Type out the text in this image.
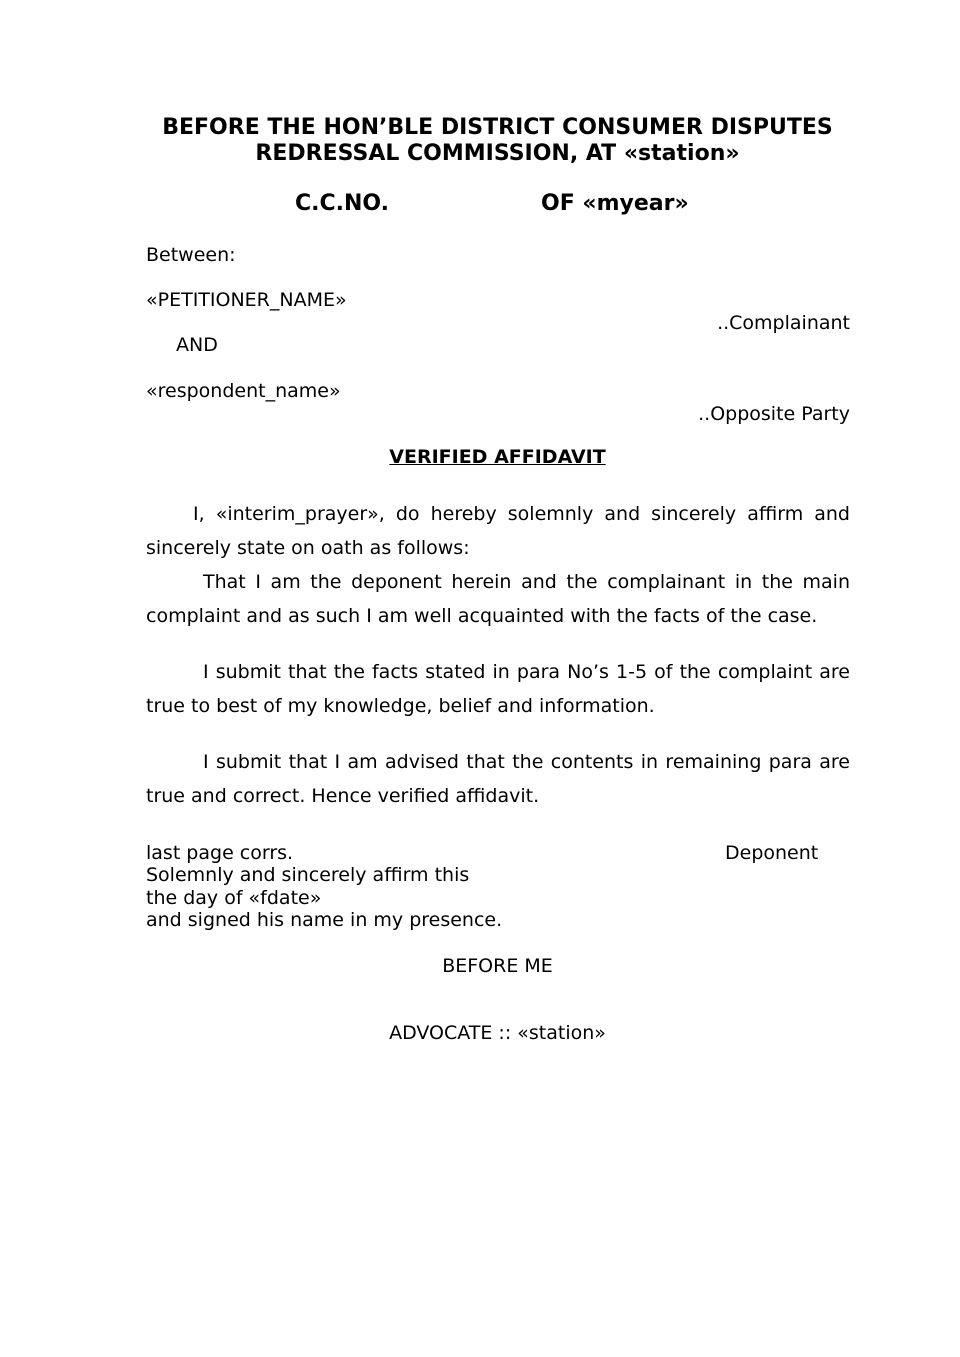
BEFORE THE HON’BLE DISTRICT CONSUMER DISPUTES
REDRESSAL COMMISSION, AT «station»
C.C.NO.	OF «myear»
Between:
«PETITIONER_NAME»
..Complainant
AND
«respondent_name»
..Opposite Party
VERIFIED AFFIDAVIT
I, «interim_prayer», do hereby solemnly and sincerely affirm and
sincerely state on oath as follows:
That I am the deponent herein and the complainant in the main
complaint and as such I am well acquainted with the facts of the case.
I submit that the facts stated in para No’s 1-5 of the complaint are
true to best of my knowledge, belief and information.
I submit that I am advised that the contents in remaining para are
true and correct. Hence verified affidavit.
last page corrs.	Deponent
Solemnly and sincerely affirm this
the day of «fdate»
and signed his name in my presence.
BEFORE ME
ADVOCATE :: «station»
